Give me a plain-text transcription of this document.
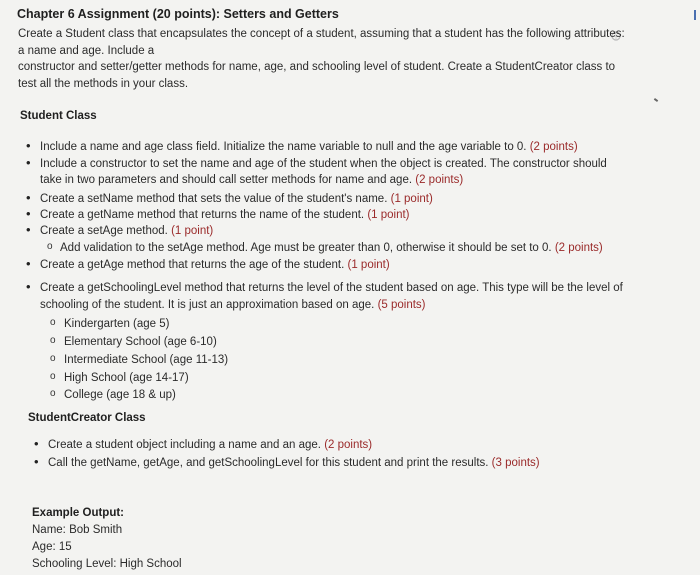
Chapter 6 Assignment (20 points): Setters and Getters
Create a Student class that encapsulates the concept of a student, assuming that a student has the following attributes:
a name and age. Include a
constructor and setter/getter methods for name, age, and schooling level of student. Create a StudentCreator class to
test all the methods in your class.
Student Class
• Include a name and age class field. Initialize the name variable to null and the age variable to 0. (2 points)
• Include a constructor to set the name and age of the student when the object is created. The constructor should
take in two parameters and should call setter methods for name and age. (2 points)
• Create a setName method that sets the value of the student's name. (1 point)
• Create a getName method that returns the name of the student. (1 point)
• Create a setAge method. (1 point)
o Add validation to the setAge method. Age must be greater than 0, otherwise it should be set to 0. (2 points)
• Create a getAge method that returns the age of the student. (1 point)
• Create a getSchoolingLevel method that returns the level of the student based on age. This type will be the level of
schooling of the student. It is just an approximation based on age. (5 points)
o Kindergarten (age 5)
o Elementary School (age 6-10)
o Intermediate School (age 11-13)
o High School (age 14-17)
o College (age 18 & up)
StudentCreator Class
• Create a student object including a name and an age. (2 points)
• Call the getName, getAge, and getSchoolingLevel for this student and print the results. (3 points)
Example Output:
Name: Bob Smith
Age: 15
Schooling Level: High School
